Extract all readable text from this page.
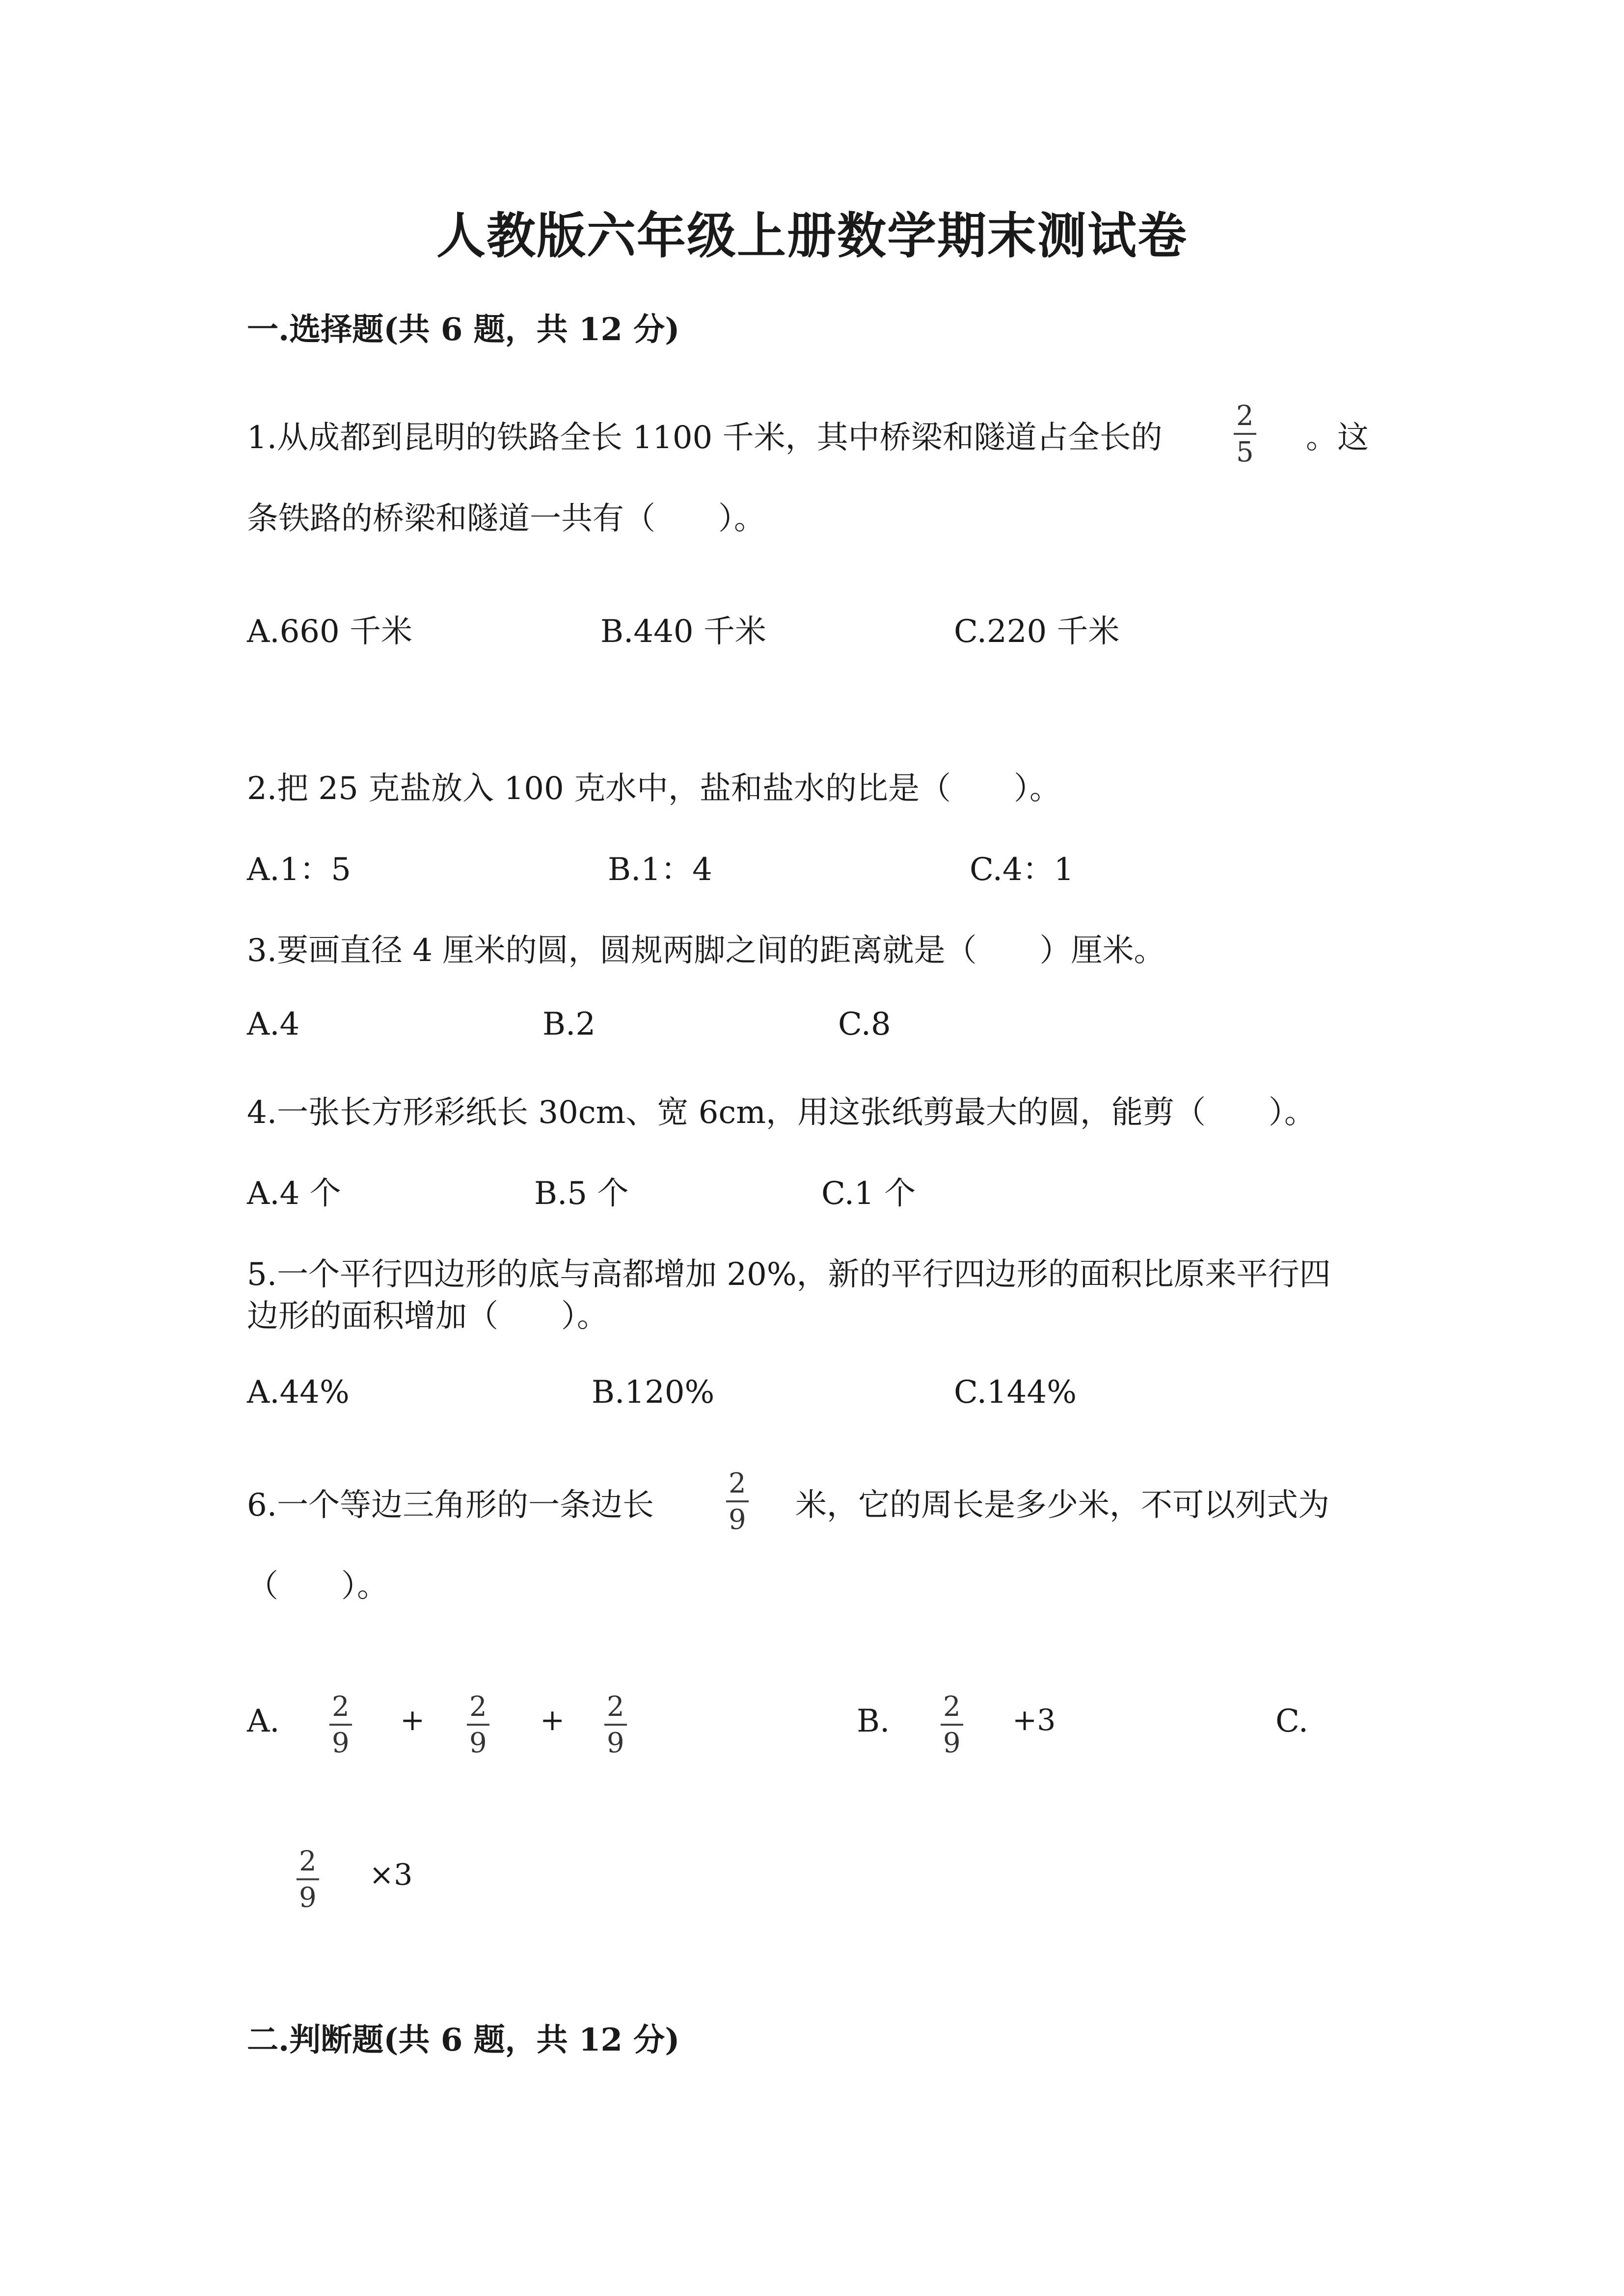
人教版六年级上册数学期末测试卷
一.选择题(共 6 题，共 12 分)
1.从成都到昆明的铁路全长 1100 千米，其中桥梁和隧道占全长的
2
5 。这
条铁路的桥梁和隧道一共有（　　）。
A.660 千米	B.440 千米	C.220 千米
2.把 25 克盐放入 100 克水中，盐和盐水的比是（　　）。
A.1：5	B.1：4	C.4：1
3.要画直径 4 厘米的圆，圆规两脚之间的距离就是（　　）厘米。
A.4	B.2	C.8
4.一张长方形彩纸长 30cm、宽 6cm，用这张纸剪最大的圆，能剪（　　）。
A.4 个	B.5 个	C.1 个
5.一个平行四边形的底与高都增加 20%，新的平行四边形的面积比原来平行四
边形的面积增加（　　）。
A.44%	B.120%	C.144%
6.一个等边三角形的一条边长
2
9 米，它的周长是多少米，不可以列式为
（　　）。
A. 2
9
+ 2
9
+ 2
9
B. 2
9
+3	C.
2
9
×3
二.判断题(共 6 题，共 12 分)
